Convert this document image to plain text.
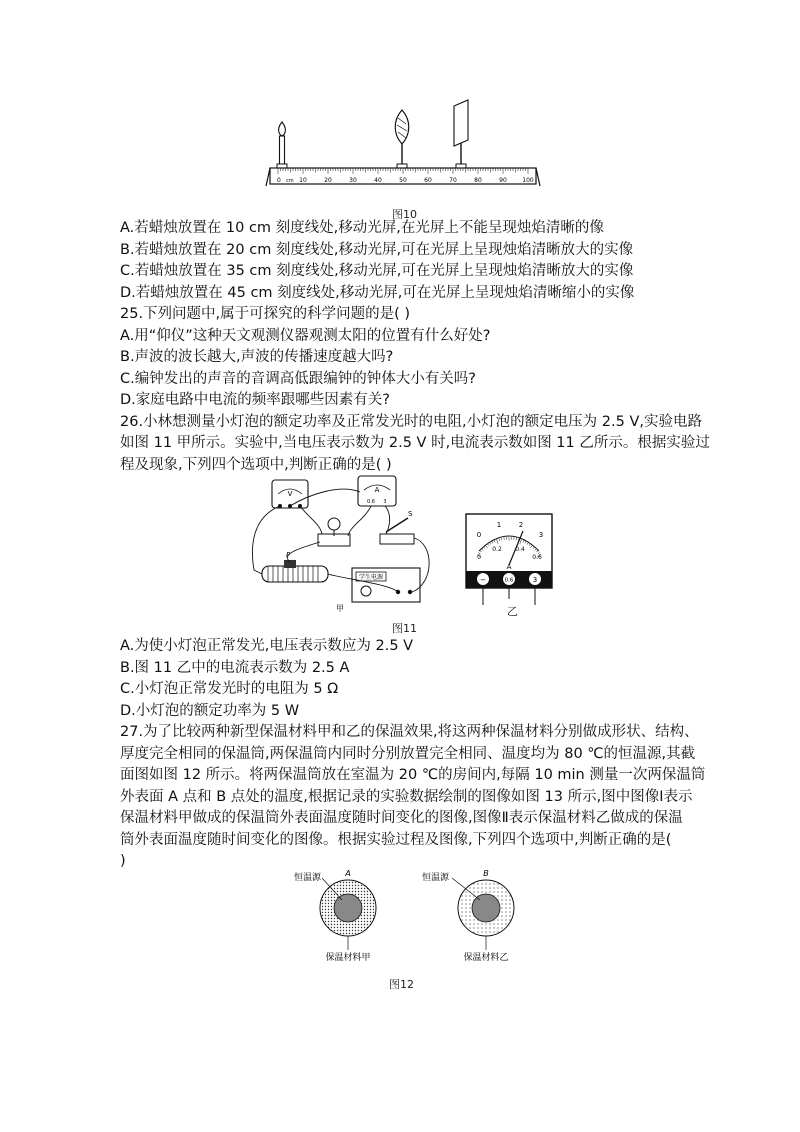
0	10	20	30	40	50	60	70	80	90	100
cm
图10
A.若蜡烛放置在 10 cm 刻度线处,移动光屏,在光屏上不能呈现烛焰清晰的像
B.若蜡烛放置在 20 cm 刻度线处,移动光屏,可在光屏上呈现烛焰清晰放大的实像
C.若蜡烛放置在 35 cm 刻度线处,移动光屏,可在光屏上呈现烛焰清晰放大的实像
D.若蜡烛放置在 45 cm 刻度线处,移动光屏,可在光屏上呈现烛焰清晰缩小的实像
25.下列问题中,属于可探究的科学问题的是( )
A.用“仰仪”这种天文观测仪器观测太阳的位置有什么好处?
B.声波的波长越大,声波的传播速度越大吗?
C.编钟发出的声音的音调高低跟编钟的钟体大小有关吗?
D.家庭电路中电流的频率跟哪些因素有关?
26.小林想测量小灯泡的额定功率及正常发光时的电阻,小灯泡的额定电压为 2.5 V,实验电路
如图 11 甲所示。实验中,当电压表示数为 2.5 V 时,电流表示数如图 11 乙所示。根据实验过
程及现象,下列四个选项中,判断正确的是( )
V	A
0.6 3
S
P
学生电源
甲
0
1	2
3
0
0.2 0.4
0.6
A
−	0.6	3
乙
图11
A.为使小灯泡正常发光,电压表示数应为 2.5 V
B.图 11 乙中的电流表示数为 2.5 A
C.小灯泡正常发光时的电阻为 5 Ω
D.小灯泡的额定功率为 5 W
27.为了比较两种新型保温材料甲和乙的保温效果,将这两种保温材料分别做成形状、结构、
厚度完全相同的保温筒,两保温筒内同时分别放置完全相同、温度均为 80 ℃的恒温源,其截
面图如图 12 所示。将两保温筒放在室温为 20 ℃的房间内,每隔 10 min 测量一次两保温筒
外表面 A 点和 B 点处的温度,根据记录的实验数据绘制的图像如图 13 所示,图中图像Ⅰ表示
保温材料甲做成的保温筒外表面温度随时间变化的图像,图像Ⅱ表示保温材料乙做成的保温
筒外表面温度随时间变化的图像。根据实验过程及图像,下列四个选项中,判断正确的是(
)
恒温源	A
保温材料甲
恒温源	B
保温材料乙
图12
